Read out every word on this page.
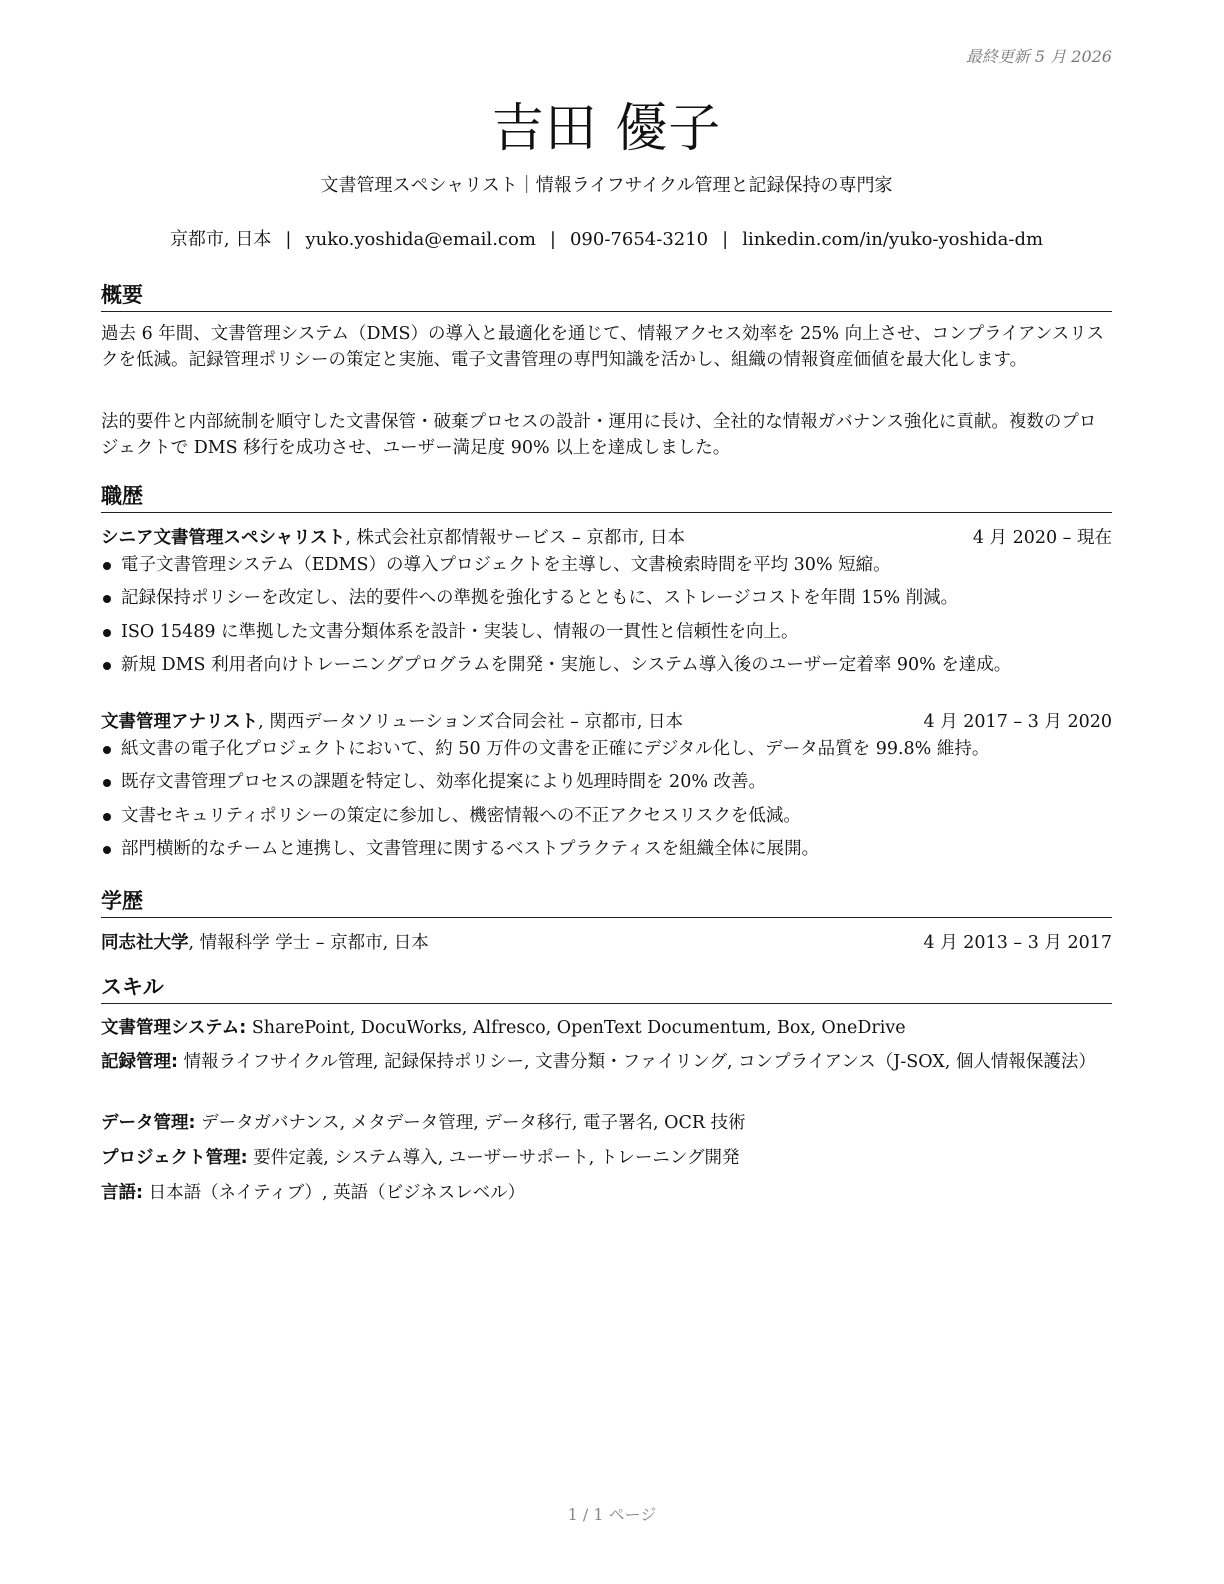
最終更新 5 月 2026
吉田 優子
文書管理スペシャリスト｜情報ライフサイクル管理と記録保持の専門家
京都市, 日本 | yuko.yoshida@email.com | 090-7654-3210 | linkedin.com/in/yuko-yoshida-dm
概要
過去 6 年間、文書管理システム（DMS）の導入と最適化を通じて、情報アクセス効率を 25% 向上させ、コンプライアンスリスクを低減。記録管理ポリシーの策定と実施、電子文書管理の専門知識を活かし、組織の情報資産価値を最大化します。
法的要件と内部統制を順守した文書保管・破棄プロセスの設計・運用に長け、全社的な情報ガバナンス強化に貢献。複数のプロジェクトで DMS 移行を成功させ、ユーザー満足度 90% 以上を達成しました。
職歴
シニア文書管理スペシャリスト, 株式会社京都情報サービス – 京都市, 日本	4 月 2020 – 現在
電子文書管理システム（EDMS）の導入プロジェクトを主導し、文書検索時間を平均 30% 短縮。
記録保持ポリシーを改定し、法的要件への準拠を強化するとともに、ストレージコストを年間 15% 削減。
ISO 15489 に準拠した文書分類体系を設計・実装し、情報の一貫性と信頼性を向上。
新規 DMS 利用者向けトレーニングプログラムを開発・実施し、システム導入後のユーザー定着率 90% を達成。
文書管理アナリスト, 関西データソリューションズ合同会社 – 京都市, 日本	4 月 2017 – 3 月 2020
紙文書の電子化プロジェクトにおいて、約 50 万件の文書を正確にデジタル化し、データ品質を 99.8% 維持。
既存文書管理プロセスの課題を特定し、効率化提案により処理時間を 20% 改善。
文書セキュリティポリシーの策定に参加し、機密情報への不正アクセスリスクを低減。
部門横断的なチームと連携し、文書管理に関するベストプラクティスを組織全体に展開。
学歴
同志社大学, 情報科学 学士 – 京都市, 日本	4 月 2013 – 3 月 2017
スキル
文書管理システム: SharePoint, DocuWorks, Alfresco, OpenText Documentum, Box, OneDrive
記録管理: 情報ライフサイクル管理, 記録保持ポリシー, 文書分類・ファイリング, コンプライアンス（J-SOX, 個人情報保護法）
データ管理: データガバナンス, メタデータ管理, データ移行, 電子署名, OCR 技術
プロジェクト管理: 要件定義, システム導入, ユーザーサポート, トレーニング開発
言語: 日本語（ネイティブ）, 英語（ビジネスレベル）
1 / 1 ページ
